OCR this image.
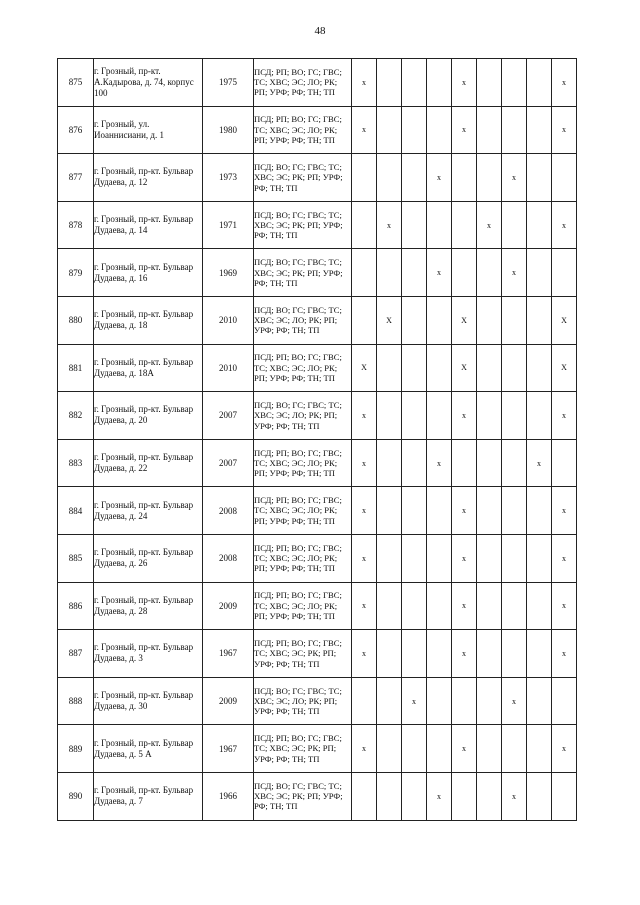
48
875	г. Грозный, пр-кт. А.Кадырова, д. 74, корпус 100	1975	ПСД; РП; ВО; ГС; ГВС; ТС; ХВС; ЭС; ЛО; РК; РП; УРФ; РФ; ТН; ТП	х				х				х
876	г. Грозный, ул. Иоаннисиани, д. 1	1980	ПСД; РП; ВО; ГС; ГВС; ТС; ХВС; ЭС; ЛО; РК; РП; УРФ; РФ; ТН; ТП	х				х				х
877	г. Грозный, пр-кт. Бульвар Дудаева, д. 12	1973	ПСД; ВО; ГС; ГВС; ТС; ХВС; ЭС; РК; РП; УРФ; РФ; ТН; ТП				х			х		
878	г. Грозный, пр-кт. Бульвар Дудаева, д. 14	1971	ПСД; ВО; ГС; ГВС; ТС; ХВС; ЭС; РК; РП; УРФ; РФ; ТН; ТП		х				х			х
879	г. Грозный, пр-кт. Бульвар Дудаева, д. 16	1969	ПСД; ВО; ГС; ГВС; ТС; ХВС; ЭС; РК; РП; УРФ; РФ; ТН; ТП				х			х		
880	г. Грозный, пр-кт. Бульвар Дудаева, д. 18	2010	ПСД; ВО; ГС; ГВС; ТС; ХВС; ЭС; ЛО; РК; РП; УРФ; РФ; ТН; ТП		Х			Х				Х
881	г. Грозный, пр-кт. Бульвар Дудаева, д. 18А	2010	ПСД; РП; ВО; ГС; ГВС; ТС; ХВС; ЭС; ЛО; РК; РП; УРФ; РФ; ТН; ТП	Х				Х				Х
882	г. Грозный, пр-кт. Бульвар Дудаева, д. 20	2007	ПСД; ВО; ГС; ГВС; ТС; ХВС; ЭС; ЛО; РК; РП; УРФ; РФ; ТН; ТП	х				х				х
883	г. Грозный, пр-кт. Бульвар Дудаева, д. 22	2007	ПСД; РП; ВО; ГС; ГВС; ТС; ХВС; ЭС; ЛО; РК; РП; УРФ; РФ; ТН; ТП	х			х				х	
884	г. Грозный, пр-кт. Бульвар Дудаева, д. 24	2008	ПСД; РП; ВО; ГС; ГВС; ТС; ХВС; ЭС; ЛО; РК; РП; УРФ; РФ; ТН; ТП	х				х				х
885	г. Грозный, пр-кт. Бульвар Дудаева, д. 26	2008	ПСД; РП; ВО; ГС; ГВС; ТС; ХВС; ЭС; ЛО; РК; РП; УРФ; РФ; ТН; ТП	х				х				х
886	г. Грозный, пр-кт. Бульвар Дудаева, д. 28	2009	ПСД; РП; ВО; ГС; ГВС; ТС; ХВС; ЭС; ЛО; РК; РП; УРФ; РФ; ТН; ТП	х				х				х
887	г. Грозный, пр-кт. Бульвар Дудаева, д. 3	1967	ПСД; РП; ВО; ГС; ГВС; ТС; ХВС; ЭС; РК; РП; УРФ; РФ; ТН; ТП	х				х				х
888	г. Грозный, пр-кт. Бульвар Дудаева, д. 30	2009	ПСД; ВО; ГС; ГВС; ТС; ХВС; ЭС; ЛО; РК; РП; УРФ; РФ; ТН; ТП			х				х		
889	г. Грозный, пр-кт. Бульвар Дудаева, д. 5 А	1967	ПСД; РП; ВО; ГС; ГВС; ТС; ХВС; ЭС; РК; РП; УРФ; РФ; ТН; ТП	х				х				х
890	г. Грозный, пр-кт. Бульвар Дудаева, д. 7	1966	ПСД; ВО; ГС; ГВС; ТС; ХВС; ЭС; РК; РП; УРФ; РФ; ТН; ТП				х			х		
